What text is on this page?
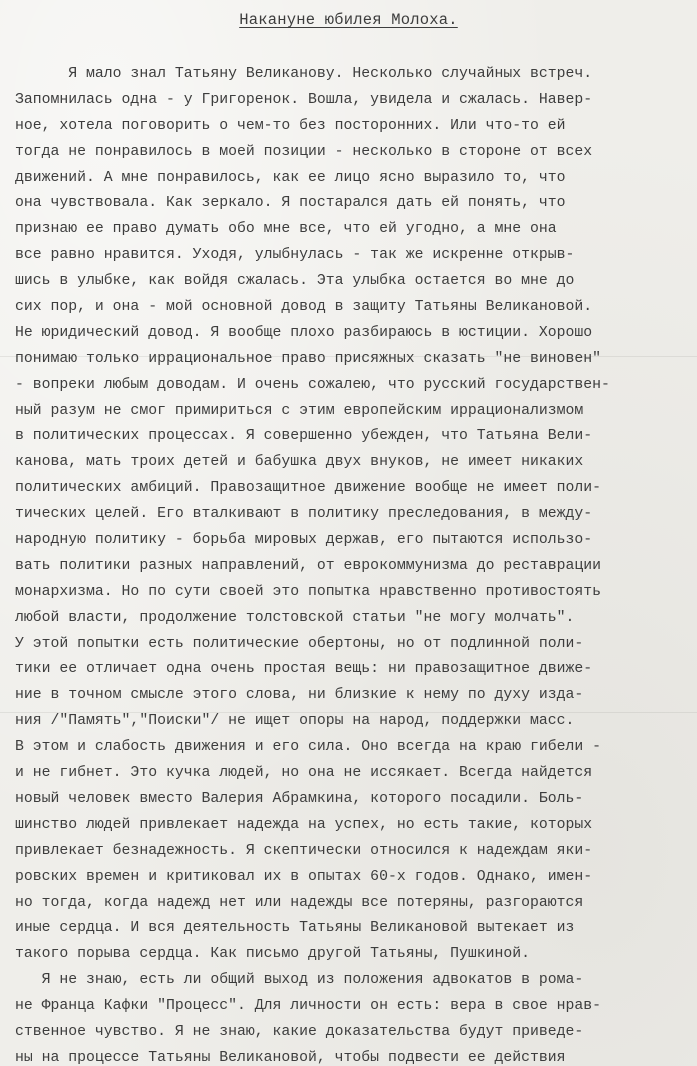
Накануне юбилея Молоха.
Я мало знал Татьяну Великанову. Несколько случайных встреч.
Запомнилась одна - у Григоренок. Вошла, увидела и сжалась. Навер-
ное, хотела поговорить о чем-то без посторонних. Или что-то ей
тогда не понравилось в моей позиции - несколько в стороне от всех
движений. А мне понравилось, как ее лицо ясно выразило то, что
она чувствовала. Как зеркало. Я постарался дать ей понять, что
признаю ее право думать обо мне все, что ей угодно, а мне она
все равно нравится. Уходя, улыбнулась - так же искренне открыв-
шись в улыбке, как войдя сжалась. Эта улыбка остается во мне до
сих пор, и она - мой основной довод в защиту Татьяны Великановой.
Не юридический довод. Я вообще плохо разбираюсь в юстиции. Хорошо
понимаю только иррациональное право присяжных сказать "не виновен"
- вопреки любым доводам. И очень сожалею, что русский государствен-
ный разум не смог примириться с этим европейским иррационализмом
в политических процессах. Я совершенно убежден, что Татьяна Вели-
канова, мать троих детей и бабушка двух внуков, не имеет никаких
политических амбиций. Правозащитное движение вообще не имеет поли-
тических целей. Его вталкивают в политику преследования, в между-
народную политику - борьба мировых держав, его пытаются использо-
вать политики разных направлений, от еврокоммунизма до реставрации
монархизма. Но по сути своей это попытка нравственно противостоять
любой власти, продолжение толстовской статьи "не могу молчать".
У этой попытки есть политические обертоны, но от подлинной поли-
тики ее отличает одна очень простая вещь: ни правозащитное движе-
ние в точном смысле этого слова, ни близкие к нему по духу изда-
ния /"Память","Поиски"/ не ищет опоры на народ, поддержки масс.
В этом и слабость движения и его сила. Оно всегда на краю гибели -
и не гибнет. Это кучка людей, но она не иссякает. Всегда найдется
новый человек вместо Валерия Абрамкина, которого посадили. Боль-
шинство людей привлекает надежда на успех, но есть такие, которых
привлекает безнадежность. Я скептически относился к надеждам яки-
ровских времен и критиковал их в опытах 60-х годов. Однако, имен-
но тогда, когда надежд нет или надежды все потеряны, разгораются
иные сердца. И вся деятельность Татьяны Великановой вытекает из
такого порыва сердца. Как письмо другой Татьяны, Пушкиной.
Я не знаю, есть ли общий выход из положения адвокатов в рома-
не Франца Кафки "Процесс". Для личности он есть: вера в свое нрав-
ственное чувство. Я не знаю, какие доказательства будут приведе-
ны на процессе Татьяны Великановой, чтобы подвести ее действия
